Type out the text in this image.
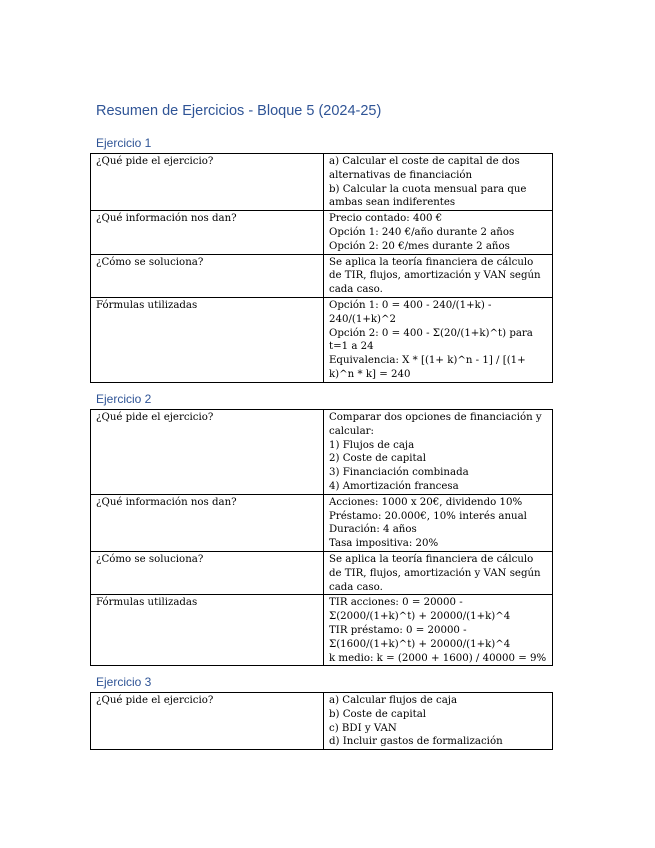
Resumen de Ejercicios - Bloque 5 (2024-25)
Ejercicio 1
¿Qué pide el ejercicio?	a) Calcular el coste de capital de dos alternativas de financiación
b) Calcular la cuota mensual para que ambas sean indiferentes

¿Qué información nos dan?	Precio contado: 400 €
Opción 1: 240 €/año durante 2 años
Opción 2: 20 €/mes durante 2 años

¿Cómo se soluciona?	Se aplica la teoría financiera de cálculo de TIR, flujos, amortización y VAN según cada caso.

Fórmulas utilizadas	Opción 1: 0 = 400 - 240/(1+k) - 240/(1+k)^2
Opción 2: 0 = 400 - Σ(20/(1+k)^t) para t=1 a 24
Equivalencia: X * [(1+ k)^n - 1] / [(1+ k)^n * k] = 240
Ejercicio 2
¿Qué pide el ejercicio?	Comparar dos opciones de financiación y calcular:
1) Flujos de caja
2) Coste de capital
3) Financiación combinada
4) Amortización francesa

¿Qué información nos dan?	Acciones: 1000 x 20€, dividendo 10%
Préstamo: 20.000€, 10% interés anual
Duración: 4 años
Tasa impositiva: 20%

¿Cómo se soluciona?	Se aplica la teoría financiera de cálculo de TIR, flujos, amortización y VAN según cada caso.

Fórmulas utilizadas	TIR acciones: 0 = 20000 - Σ(2000/(1+k)^t) + 20000/(1+k)^4
TIR préstamo: 0 = 20000 - Σ(1600/(1+k)^t) + 20000/(1+k)^4
k medio: k = (2000 + 1600) / 40000 = 9%
Ejercicio 3
¿Qué pide el ejercicio?	a) Calcular flujos de caja
b) Coste de capital
c) BDI y VAN
d) Incluir gastos de formalización
